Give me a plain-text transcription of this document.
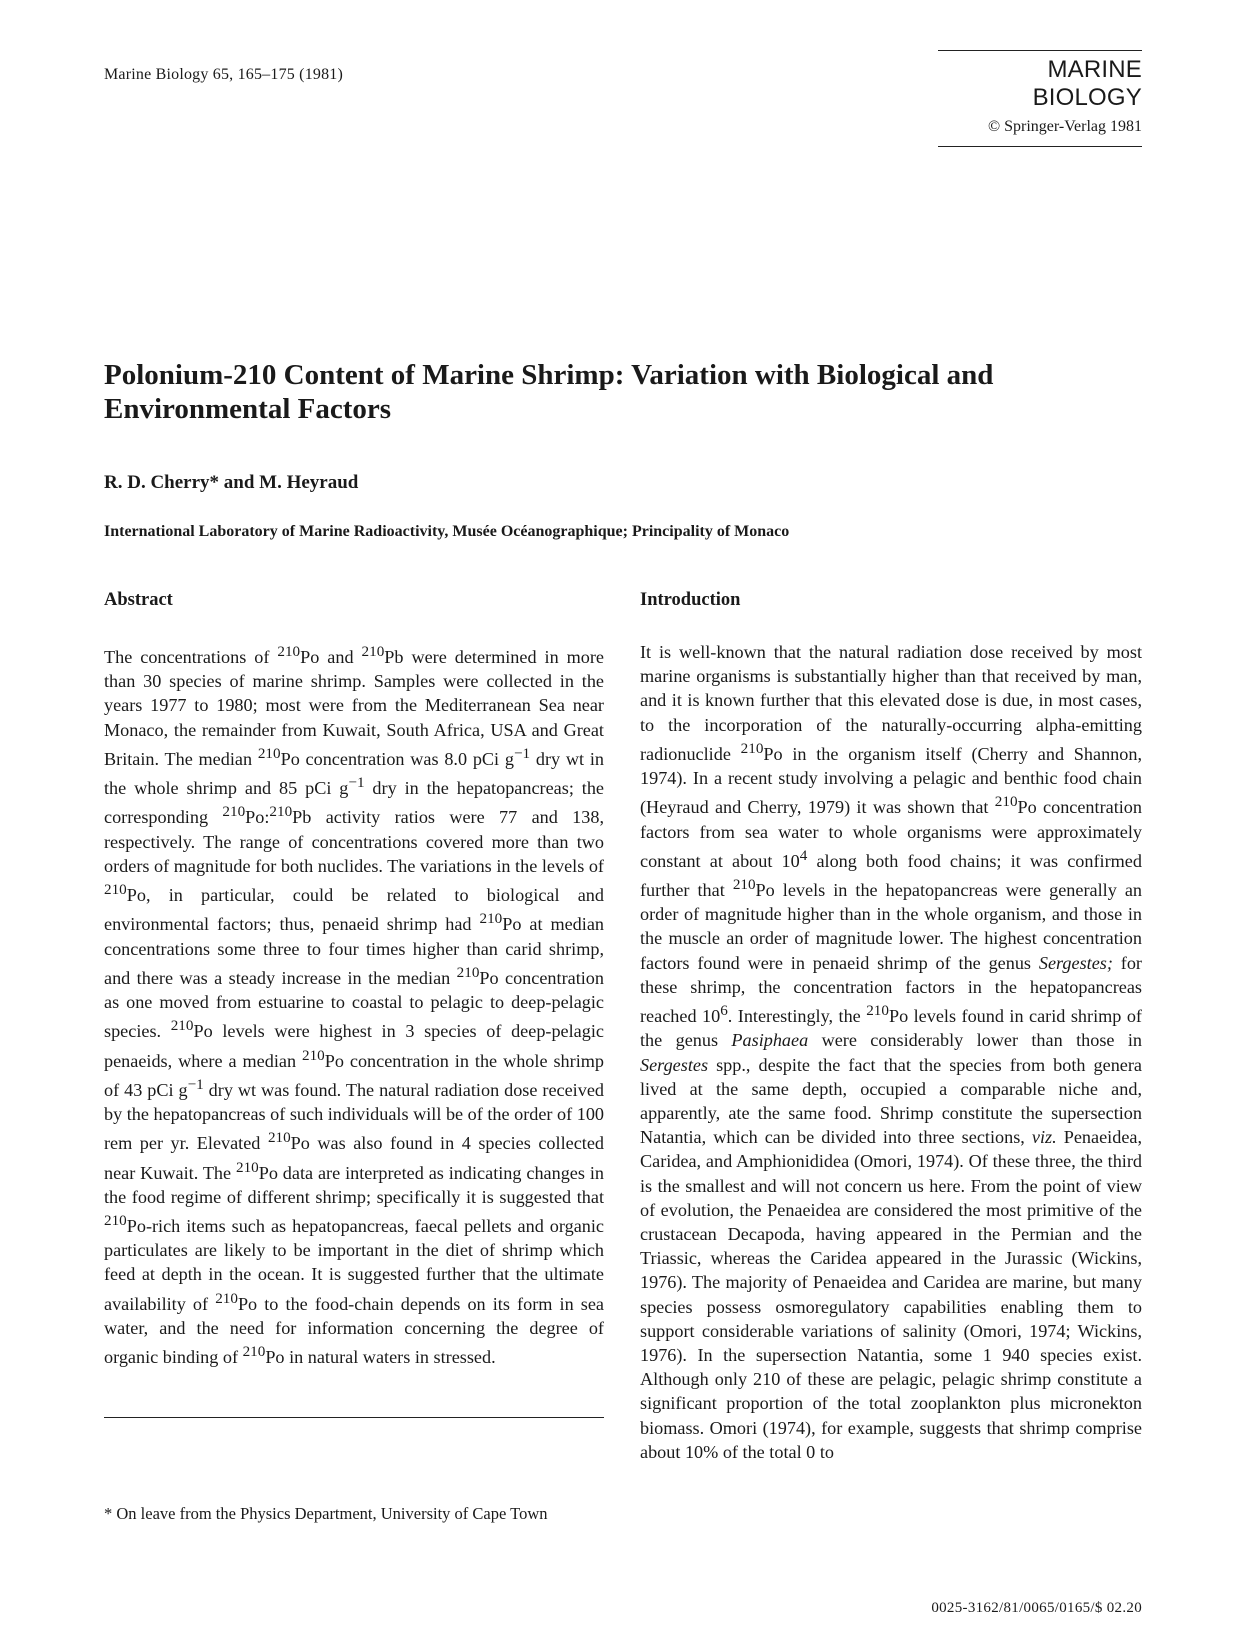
Marine Biology 65, 165–175 (1981)	MARINE BIOLOGY
© Springer-Verlag 1981
Polonium-210 Content of Marine Shrimp: Variation with Biological and Environmental Factors
R. D. Cherry* and M. Heyraud
International Laboratory of Marine Radioactivity, Musée Océanographique; Principality of Monaco
Abstract
The concentrations of $^{210}$Po and $^{210}$Pb were determined in more than 30 species of marine shrimp. Samples were collected in the years 1977 to 1980; most were from the Mediterranean Sea near Monaco, the remainder from Kuwait, South Africa, USA and Great Britain. The median $^{210}$Po concentration was 8.0 pCi $g^{-1}$ dry wt in the whole shrimp and 85 pCi $g^{-1}$ dry in the hepatopancreas; the corresponding $^{210}$Po:$^{210}$Pb activity ratios were 77 and 138, respectively. The range of concentrations covered more than two orders of magnitude for both nuclides. The variations in the levels of $^{210}$Po, in particular, could be related to biological and environmental factors; thus, penaeid shrimp had $^{210}$Po at median concentrations some three to four times higher than carid shrimp, and there was a steady increase in the median $^{210}$Po concentration as one moved from estuarine to coastal to pelagic to deep-pelagic species. $^{210}$Po levels were highest in 3 species of deep-pelagic penaeids, where a median $^{210}$Po concentration in the whole shrimp of 43 pCi $g^{-1}$ dry wt was found. The natural radiation dose received by the hepatopancreas of such individuals will be of the order of 100 rem per yr. Elevated $^{210}$Po was also found in 4 species collected near Kuwait. The $^{210}$Po data are interpreted as indicating changes in the food regime of different shrimp; specifically it is suggested that $^{210}$Po-rich items such as hepatopancreas, faecal pellets and organic particulates are likely to be important in the diet of shrimp which feed at depth in the ocean. It is suggested further that the ultimate availability of $^{210}$Po to the food-chain depends on its form in sea water, and the need for information concerning the degree of organic binding of $^{210}$Po in natural waters in stressed.
Introduction
It is well-known that the natural radiation dose received by most marine organisms is substantially higher than that received by man, and it is known further that this elevated dose is due, in most cases, to the incorporation of the naturally-occurring alpha-emitting radionuclide $^{210}$Po in the organism itself (Cherry and Shannon, 1974). In a recent study involving a pelagic and benthic food chain (Heyraud and Cherry, 1979) it was shown that $^{210}$Po concentration factors from sea water to whole organisms were approximately constant at about $10^4$ along both food chains; it was confirmed further that $^{210}$Po levels in the hepatopancreas were generally an order of magnitude higher than in the whole organism, and those in the muscle an order of magnitude lower. The highest concentration factors found were in penaeid shrimp of the genus Sergestes; for these shrimp, the concentration factors in the hepatopancreas reached $10^6$. Interestingly, the $^{210}$Po levels found in carid shrimp of the genus Pasiphaea were considerably lower than those in Sergestes spp., despite the fact that the species from both genera lived at the same depth, occupied a comparable niche and, apparently, ate the same food. Shrimp constitute the supersection Natantia, which can be divided into three sections, viz. Penaeidea, Caridea, and Amphionididea (Omori, 1974). Of these three, the third is the smallest and will not concern us here. From the point of view of evolution, the Penaeidea are considered the most primitive of the crustacean Decapoda, having appeared in the Permian and the Triassic, whereas the Caridea appeared in the Jurassic (Wickins, 1976). The majority of Penaeidea and Caridea are marine, but many species possess osmoregulatory capabilities enabling them to support considerable variations of salinity (Omori, 1974; Wickins, 1976). In the supersection Natantia, some 1 940 species exist. Although only 210 of these are pelagic, pelagic shrimp constitute a significant proportion of the total zooplankton plus micronekton biomass. Omori (1974), for example, suggests that shrimp comprise about 10% of the total 0 to
* On leave from the Physics Department, University of Cape Town
0025-3162/81/0065/0165/$ 02.20
